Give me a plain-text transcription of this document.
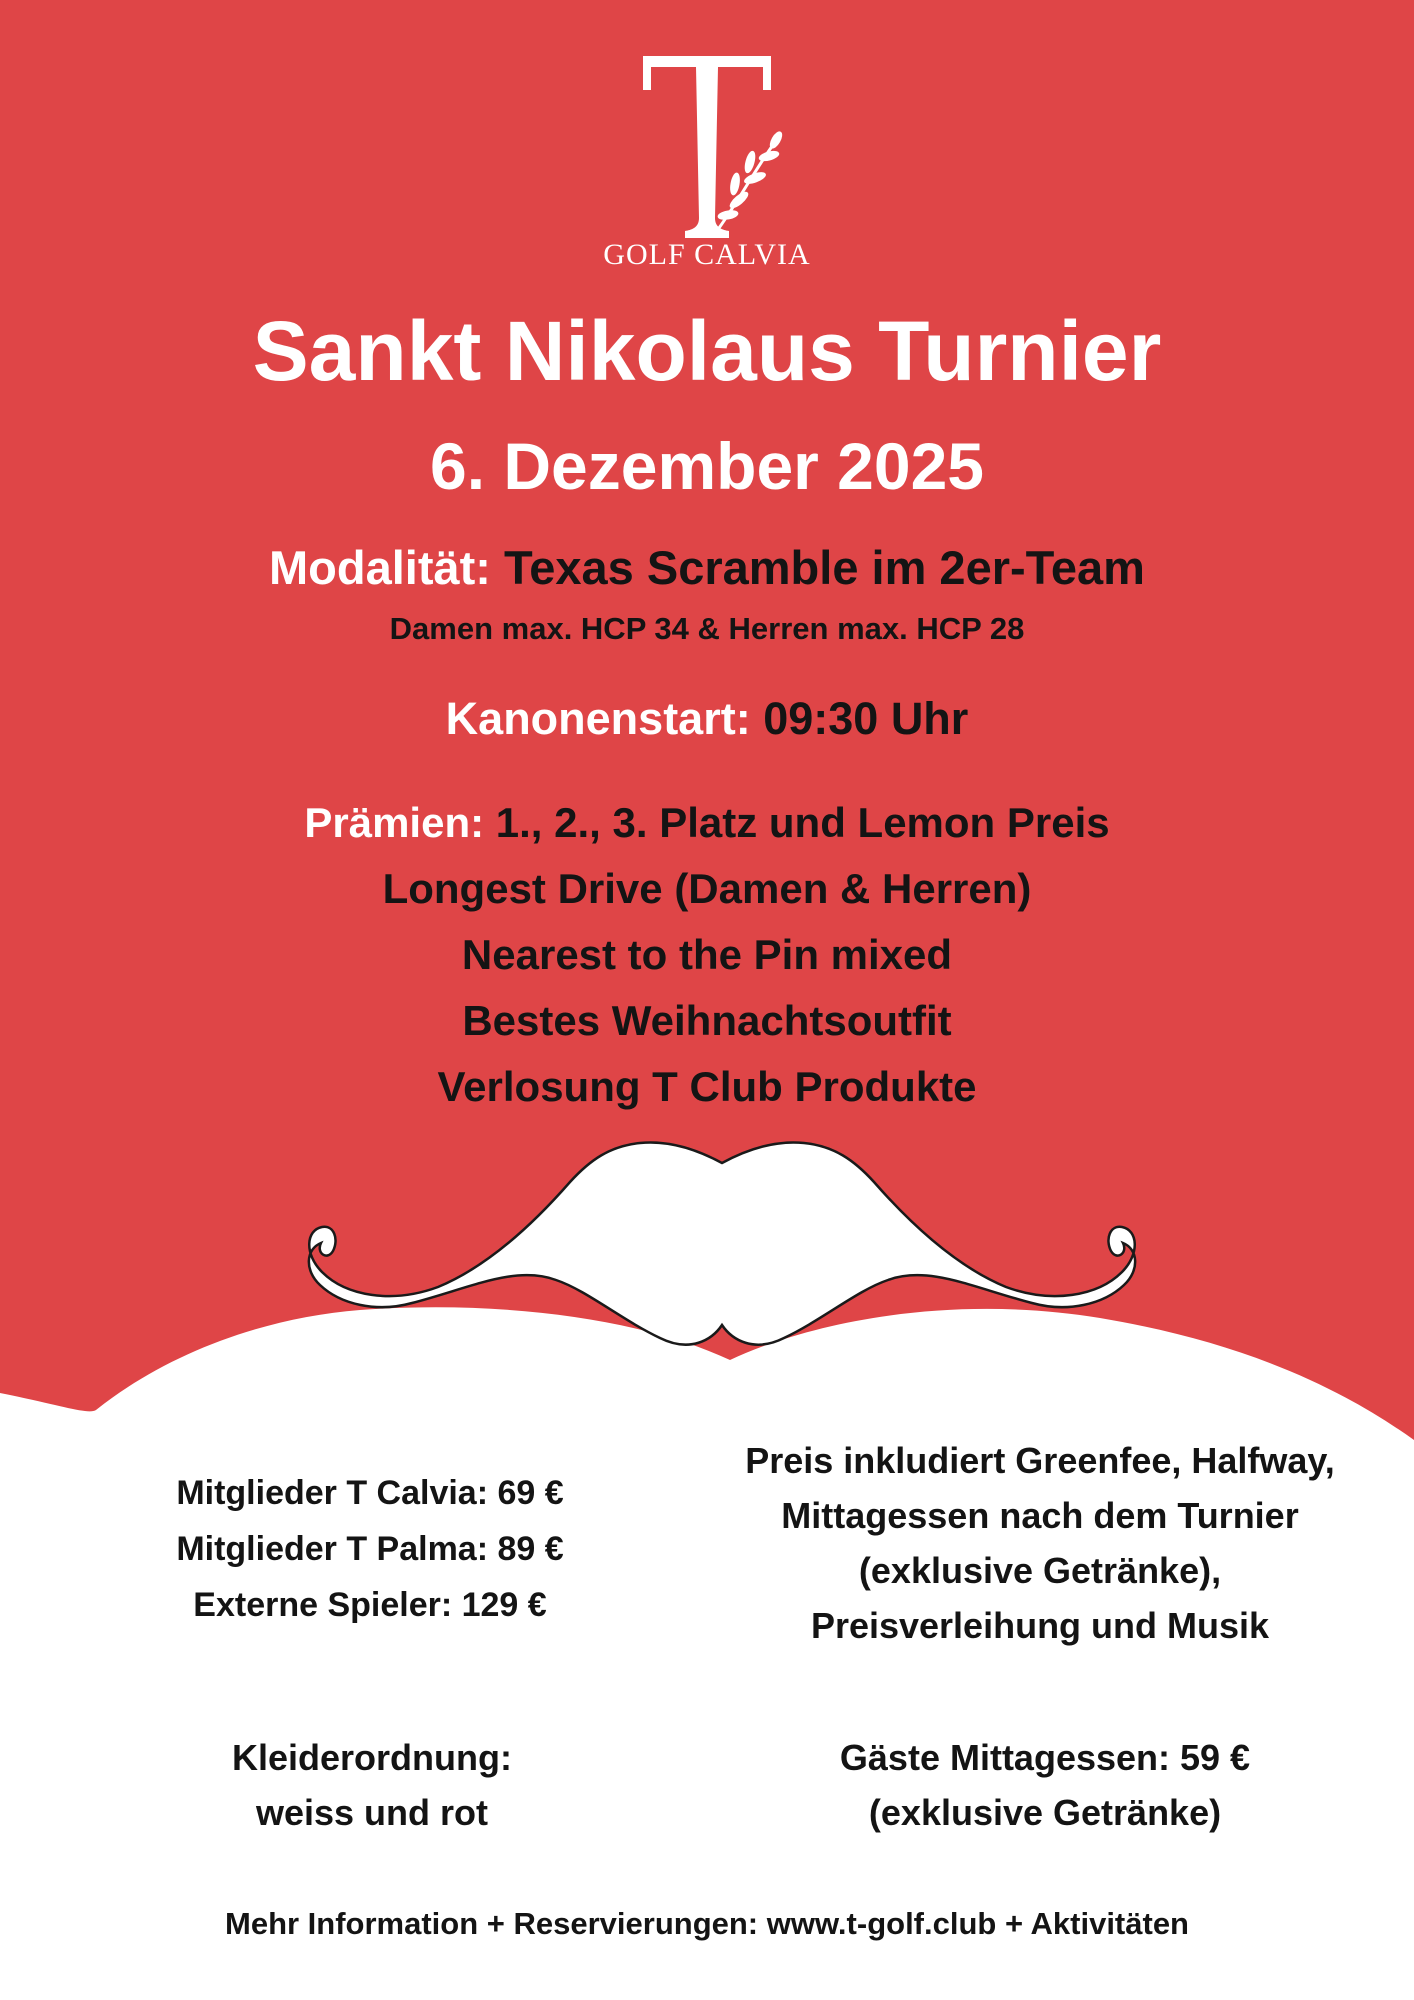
GOLF CALVIA
Sankt Nikolaus Turnier
6. Dezember 2025
Modalität: Texas Scramble im 2er-Team
Damen max. HCP 34 & Herren max. HCP 28
Kanonenstart: 09:30 Uhr
Prämien: 1., 2., 3. Platz und Lemon Preis
Longest Drive (Damen & Herren)
Nearest to the Pin mixed
Bestes Weihnachtsoutfit
Verlosung T Club Produkte
Mitglieder T Calvia: 69 €
Mitglieder T Palma: 89 €
Externe Spieler: 129 €
Preis inkludiert Greenfee, Halfway,
Mittagessen nach dem Turnier
(exklusive Getränke),
Preisverleihung und Musik
Kleiderordnung:
weiss und rot
Gäste Mittagessen: 59 €
(exklusive Getränke)
Mehr Information + Reservierungen: www.t-golf.club + Aktivitäten
